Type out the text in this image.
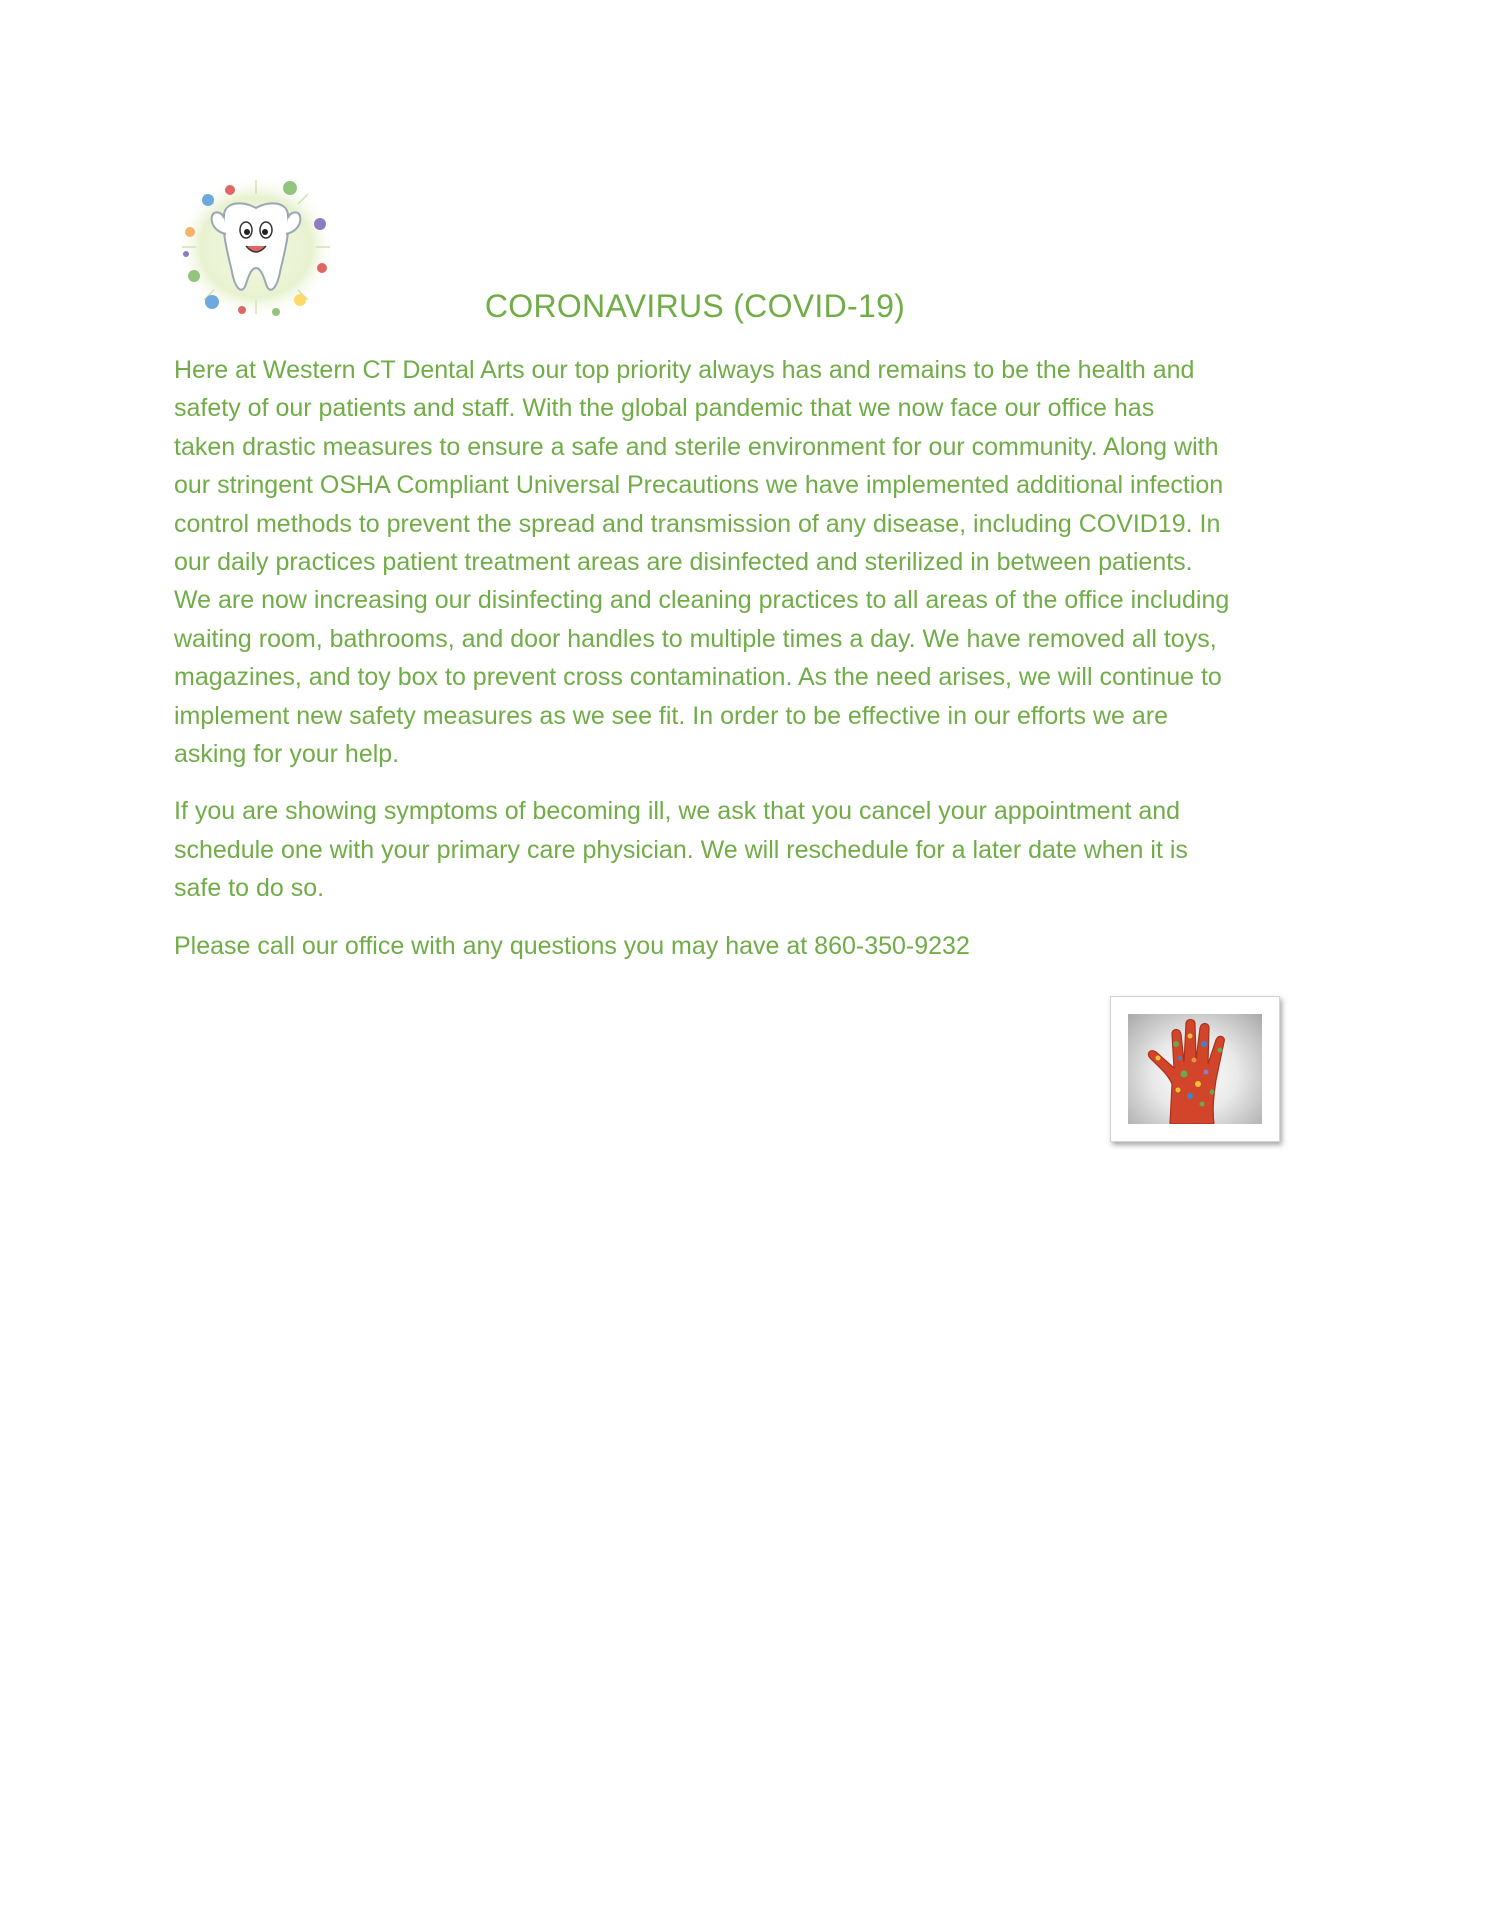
CORONAVIRUS (COVID-19)

Here at Western CT Dental Arts our top priority always has and remains to be the health and
safety of our patients and staff. With the global pandemic that we now face our office has
taken drastic measures to ensure a safe and sterile environment for our community. Along with
our stringent OSHA Compliant Universal Precautions we have implemented additional infection
control methods to prevent the spread and transmission of any disease, including COVID19. In
our daily practices patient treatment areas are disinfected and sterilized in between patients.
We are now increasing our disinfecting and cleaning practices to all areas of the office including
waiting room, bathrooms, and door handles to multiple times a day. We have removed all toys,
magazines, and toy box to prevent cross contamination. As the need arises, we will continue to
implement new safety measures as we see fit. In order to be effective in our efforts we are
asking for your help.

If you are showing symptoms of becoming ill, we ask that you cancel your appointment and
schedule one with your primary care physician. We will reschedule for a later date when it is
safe to do so.

Please call our office with any questions you may have at 860-350-9232
